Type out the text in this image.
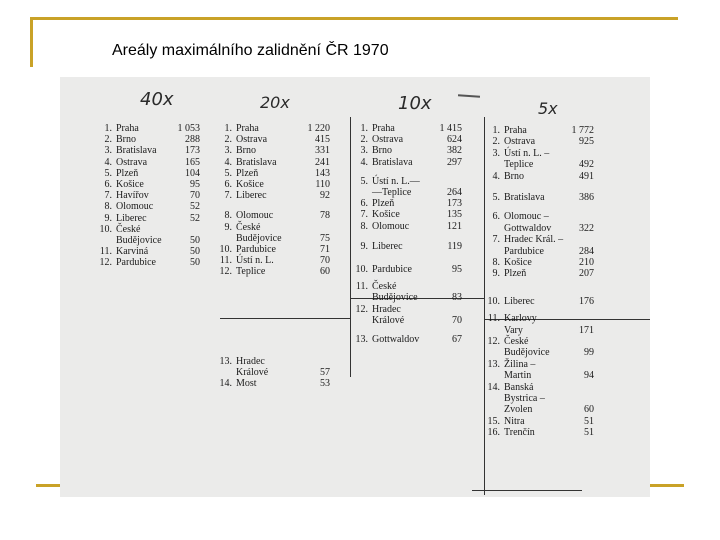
Areály maximálního zalidnění ČR 1970
40x	20x	10x	5x
1. Praha	1 053
2. Brno	288
3. Bratislava	173
4. Ostrava	165
5. Plzeň	104
6. Košice	95
7. Havířov	70
8. Olomouc	52
9. Liberec	52
10. České
Budějovice	50
11. Karviná	50
12. Pardubice	50
1. Praha	1 220
2. Ostrava	415
3. Brno	331
4. Bratislava	241
5. Plzeň	143
6. Košice	110
7. Liberec	92
8. Olomouc	78
9. České
Budějovice	75
10. Pardubice	71
11. Ústí n. L.	70
12. Teplice	60
13. Hradec
Králové	57
14. Most	53
1. Praha	1 415
2. Ostrava	624
3. Brno	382
4. Bratislava	297
5. Ústí n. L.—
—Teplice	264
6. Plzeň	173
7. Košice	135
8. Olomouc	121
9. Liberec	119
10. Pardubice	95
11. České
Budějovice	83
12. Hradec
Králové	70
13. Gottwaldov	67
1. Praha	1 772
2. Ostrava	925
3. Ústí n. L. –
Teplice	492
4. Brno	491
5. Bratislava	386
6. Olomouc –
Gottwaldov	322
7. Hradec Král. –
Pardubice	284
8. Košice	210
9. Plzeň	207
10. Liberec	176
11. Karlovy
Vary	171
12. České
Budějovice	99
13. Žilina –
Martin	94
14. Banská
Bystrica –
Zvolen	60
15. Nitra	51
16. Trenčín	51
